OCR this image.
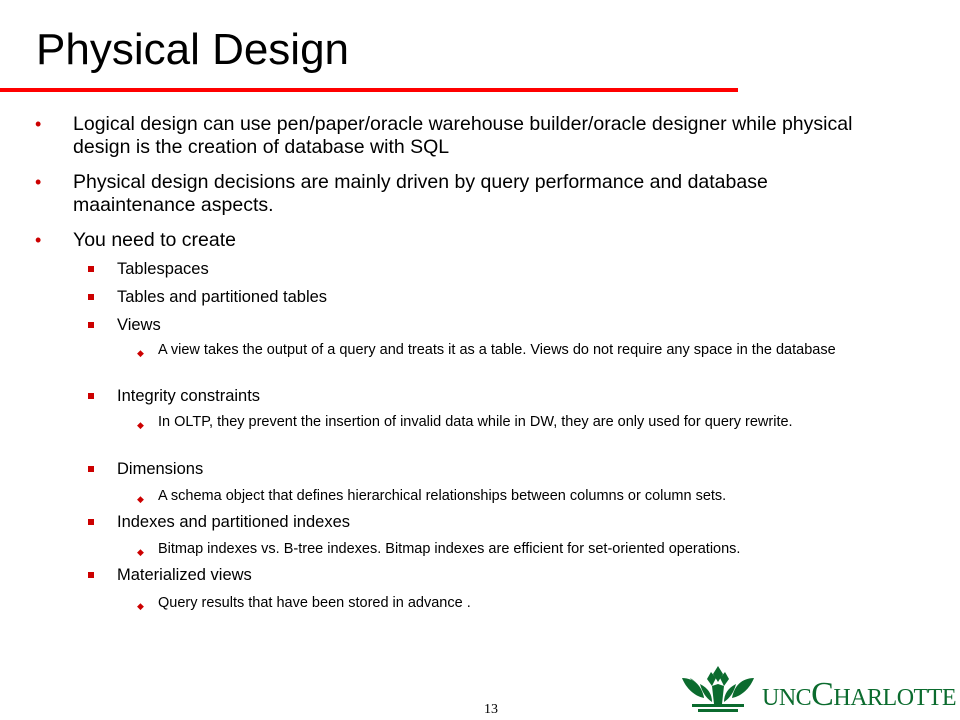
Physical Design
• Logical design can use pen/paper/oracle warehouse builder/oracle designer while physical design is the creation of database with SQL
• Physical design decisions are mainly driven by query performance and database maaintenance aspects.
• You need to create
Tablespaces
Tables and partitioned tables
Views
◆ A view takes the output of a query and treats it as a table. Views do not require any space in the database
Integrity constraints
◆ In OLTP, they prevent the insertion of invalid data while in DW, they are only used for query rewrite.
Dimensions
◆ A schema object that defines hierarchical relationships between columns or column sets.
Indexes and partitioned indexes
◆ Bitmap indexes vs. B-tree indexes. Bitmap indexes are efficient for set-oriented operations.
Materialized views
◆ Query results that have been stored in advance .
13	UNCCHARLOTTE
